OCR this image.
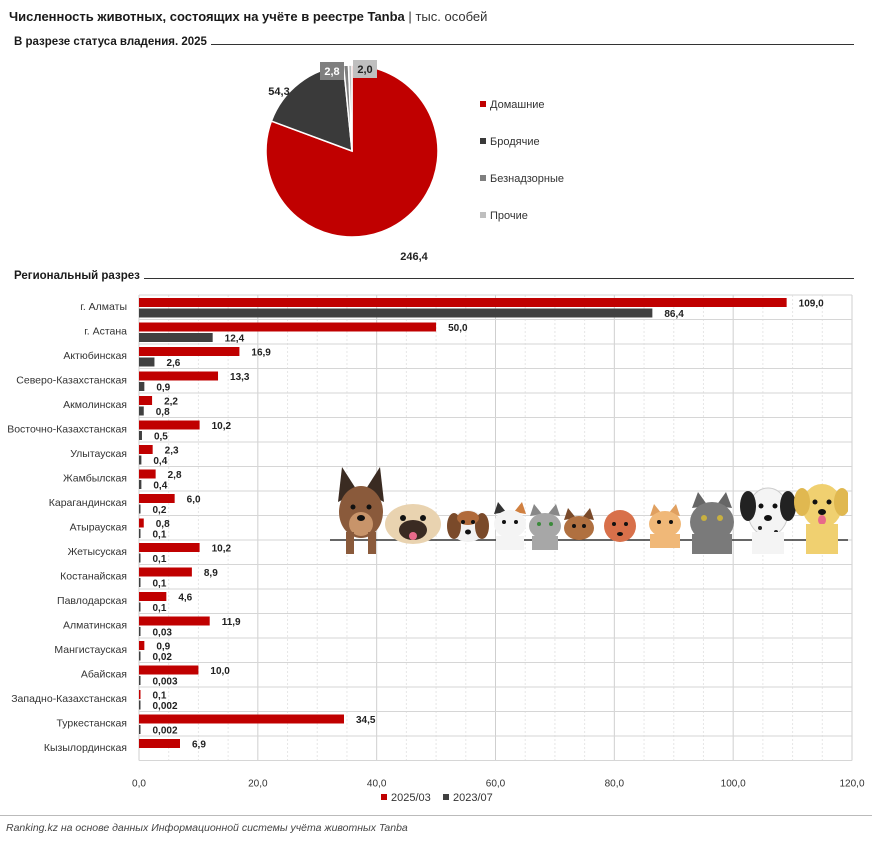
Численность животных, состоящих на учёте в реестре Tanba | тыс. особей
В разрезе статуса владения. 2025
246,4
54,3
2,8 2,0
Домашние
Бродячие
Безнадзорные
Прочие
Региональный разрез
0,0	20,0	40,0	60,0	80,0	100,0	120,0
г. Алматы	109,0
86,4
г. Астана	50,0
12,4
Актюбинская	16,9
2,6
Северо-Казахстанская	13,3
0,9
Акмолинская	2,2
0,8
Восточно-Казахстанская	10,2
0,5
Улытауская	2,3
0,4
Жамбылская	2,8
0,4
Карагандинская	6,0
0,2
Атырауская	0,8
0,1
Жетысуская	10,2
0,1
Костанайская	8,9
0,1
Павлодарская	4,6
0,1
Алматинская	11,9
0,03
Мангистауская	0,9
0,02
Абайская	10,0
0,003
Западно-Казахстанская	0,1
0,002
Туркестанская	34,5
0,002
Кызылординская	6,9
2025/03	2023/07
Ranking.kz на основе данных Информационной системы учёта животных Tanba
